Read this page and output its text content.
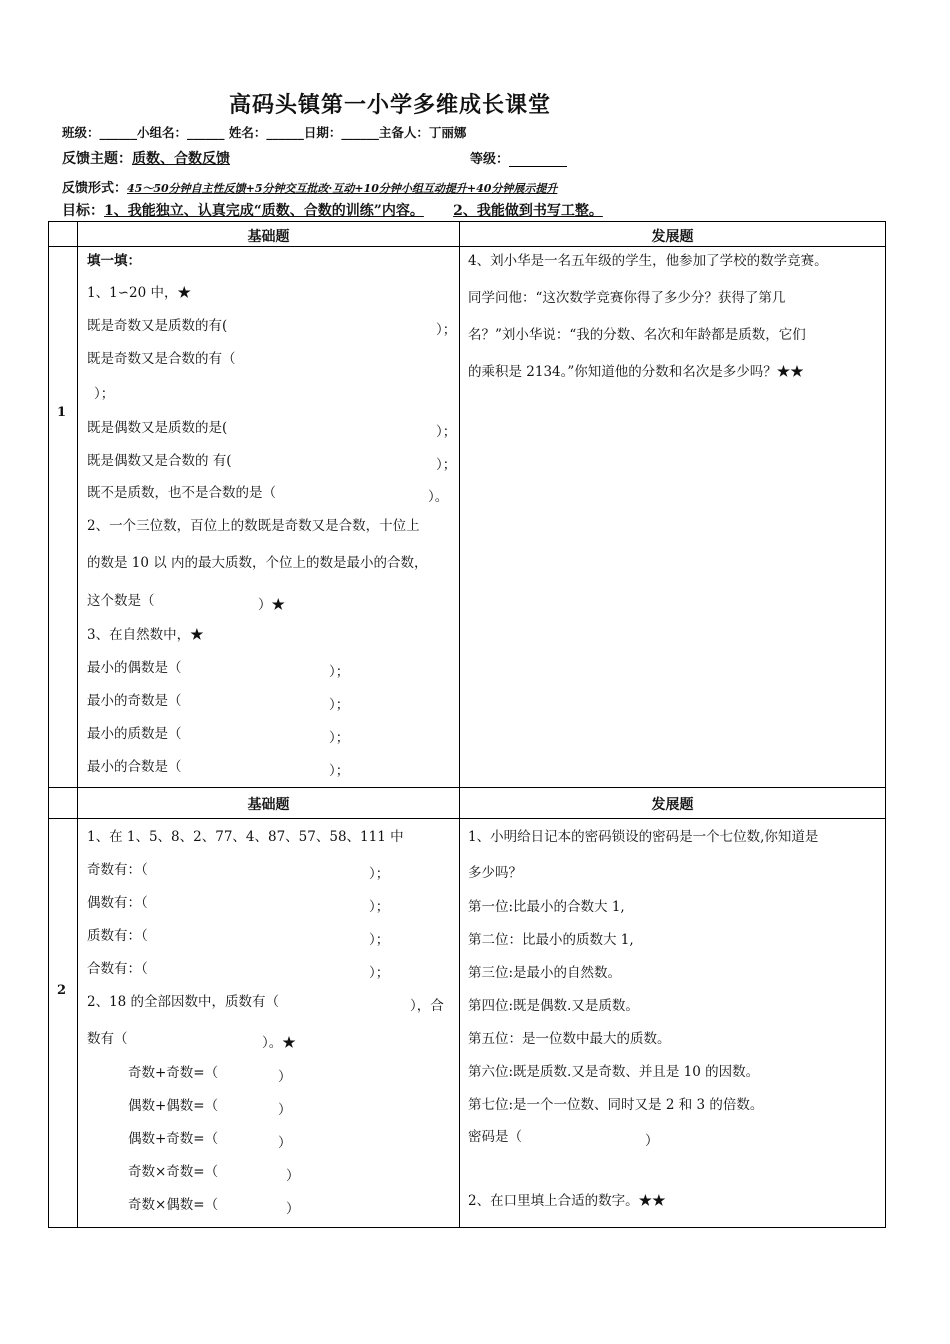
高码头镇第一小学多维成长课堂
班级：______小组名：______ 姓名：______日期：______主备人：丁丽娜
反馈主题：质数、合数反馈	等级：
反馈形式：45～50分钟自主性反馈+5分钟交互批改·互动+10分钟小组互动提升+40分钟展示提升
目标：1、我能独立、认真完成“质数、合数的训练”内容。 2、我能做到书写工整。
基础题	发展题
1
填一填：
1、1∽20 中，★
既是奇数又是质数的有(	）；
既是奇数又是合数的有（
）；
既是偶数又是质数的是(	）；
既是偶数又是合数的 有(	）；
既不是质数，也不是合数的是（	）。
2、一个三位数，百位上的数既是奇数又是合数，十位上
的数是 10 以 内的最大质数，个位上的数是最小的合数，
这个数是（	）★
3、在自然数中，★
最小的偶数是（	）；
最小的奇数是（	）；
最小的质数是（	）；
最小的合数是（	）；
4、刘小华是一名五年级的学生，他参加了学校的数学竞赛。
同学问他：“这次数学竞赛你得了多少分？获得了第几
名？”刘小华说：“我的分数、名次和年龄都是质数，它们
的乘积是 2134。”你知道他的分数和名次是多少吗？★★
基础题	发展题
2
1、在 1、5、8、2、77、4、87、57、58、111 中
奇数有：（	）；
偶数有：（	）；
质数有：（	）；
合数有：（	）；
2、18 的全部因数中，质数有（	），合
数有（	）。★
奇数+奇数=（	）
偶数+偶数=（	）
偶数+奇数=（	）
奇数×奇数=（	）
奇数×偶数=（	）
1、小明给日记本的密码锁设的密码是一个七位数,你知道是
多少吗？
第一位:比最小的合数大 1,
第二位：比最小的质数大 1,
第三位:是最小的自然数。
第四位:既是偶数.又是质数。
第五位：是一位数中最大的质数。
第六位:既是质数.又是奇数、并且是 10 的因数。
第七位:是一个一位数、同时又是 2 和 3 的倍数。
密码是（	）
2、在口里填上合适的数字。★★
